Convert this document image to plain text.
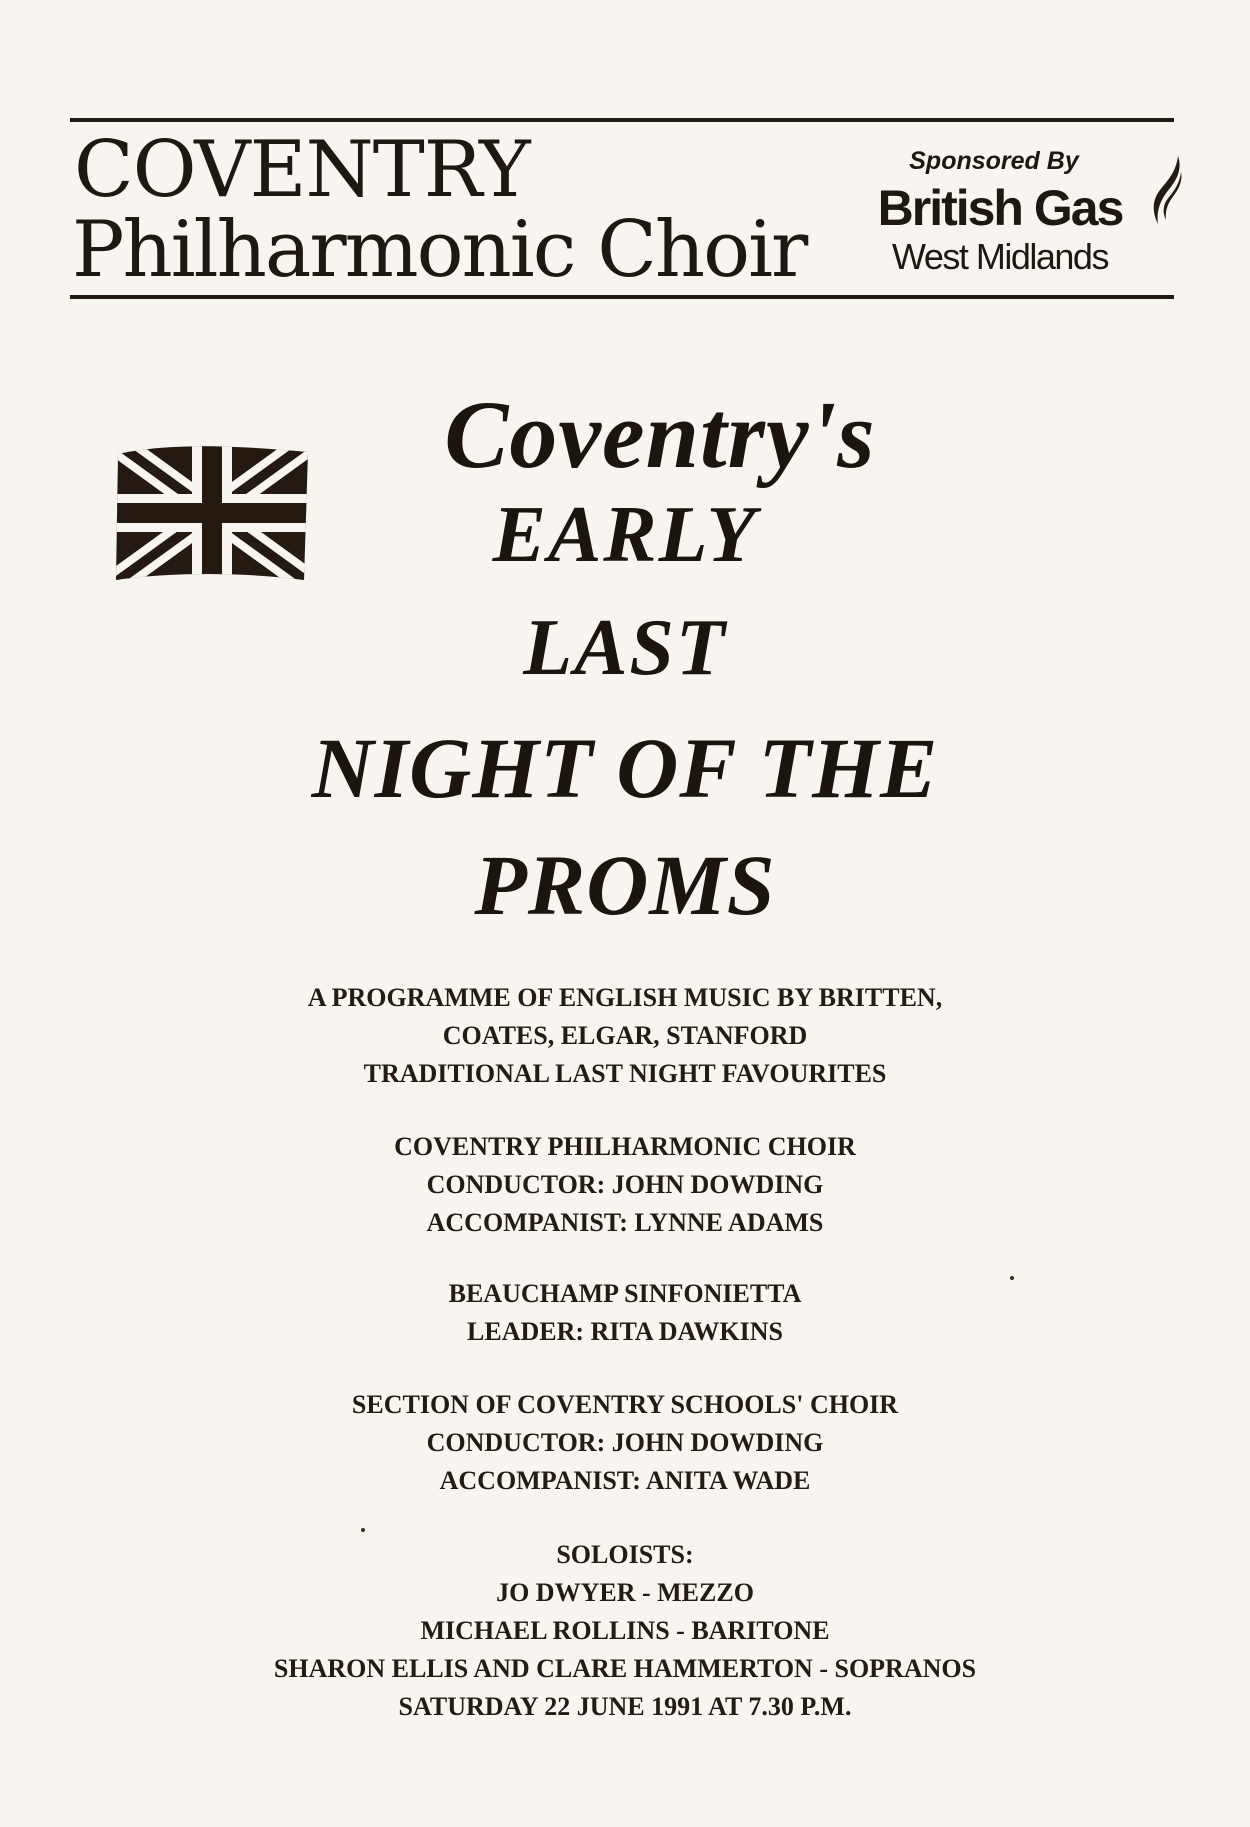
COVENTRY
Philharmonic Choir
Sponsored By
British Gas
West Midlands
Coventry's
EARLY
LAST
NIGHT OF THE
PROMS
A PROGRAMME OF ENGLISH MUSIC BY BRITTEN,
COATES, ELGAR, STANFORD
TRADITIONAL LAST NIGHT FAVOURITES
COVENTRY PHILHARMONIC CHOIR
CONDUCTOR: JOHN DOWDING
ACCOMPANIST: LYNNE ADAMS
BEAUCHAMP SINFONIETTA
LEADER: RITA DAWKINS
SECTION OF COVENTRY SCHOOLS' CHOIR
CONDUCTOR: JOHN DOWDING
ACCOMPANIST: ANITA WADE
SOLOISTS:
JO DWYER - MEZZO
MICHAEL ROLLINS - BARITONE
SHARON ELLIS AND CLARE HAMMERTON - SOPRANOS
SATURDAY 22 JUNE 1991 AT 7.30 P.M.
